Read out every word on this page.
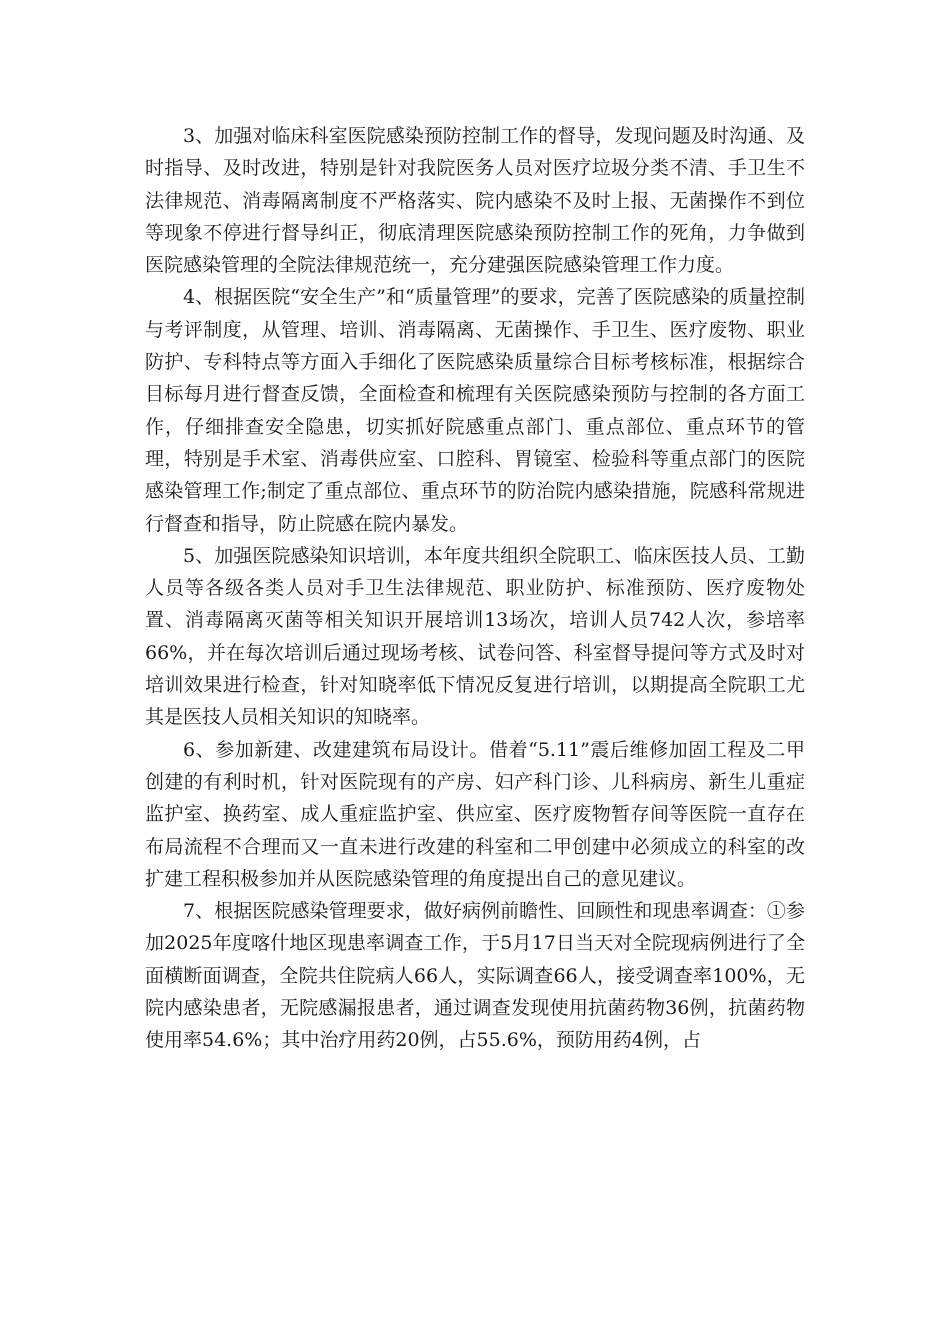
3、加强对临床科室医院感染预防控制工作的督导，发现问题及时沟通、及时指导、及时改进，特别是针对我院医务人员对医疗垃圾分类不清、手卫生不法律规范、消毒隔离制度不严格落实、院内感染不及时上报、无菌操作不到位等现象不停进行督导纠正，彻底清理医院感染预防控制工作的死角，力争做到医院感染管理的全院法律规范统一，充分建强医院感染管理工作力度。

4、根据医院“安全生产”和“质量管理”的要求，完善了医院感染的质量控制与考评制度，从管理、培训、消毒隔离、无菌操作、手卫生、医疗废物、职业防护、专科特点等方面入手细化了医院感染质量综合目标考核标准，根据综合目标每月进行督查反馈，全面检查和梳理有关医院感染预防与控制的各方面工作，仔细排查安全隐患，切实抓好院感重点部门、重点部位、重点环节的管理，特别是手术室、消毒供应室、口腔科、胃镜室、检验科等重点部门的医院感染管理工作;制定了重点部位、重点环节的防治院内感染措施，院感科常规进行督查和指导，防止院感在院内暴发。

5、加强医院感染知识培训，本年度共组织全院职工、临床医技人员、工勤人员等各级各类人员对手卫生法律规范、职业防护、标准预防、医疗废物处置、消毒隔离灭菌等相关知识开展培训13场次，培训人员742人次，参培率66%，并在每次培训后通过现场考核、试卷问答、科室督导提问等方式及时对培训效果进行检查，针对知晓率低下情况反复进行培训，以期提高全院职工尤其是医技人员相关知识的知晓率。

6、参加新建、改建建筑布局设计。借着“5.11”震后维修加固工程及二甲创建的有利时机，针对医院现有的产房、妇产科门诊、儿科病房、新生儿重症监护室、换药室、成人重症监护室、供应室、医疗废物暂存间等医院一直存在布局流程不合理而又一直未进行改建的科室和二甲创建中必须成立的科室的改扩建工程积极参加并从医院感染管理的角度提出自己的意见建议。

7、根据医院感染管理要求，做好病例前瞻性、回顾性和现患率调查：①参加2025年度喀什地区现患率调查工作，于5月17日当天对全院现病例进行了全面横断面调查，全院共住院病人66人，实际调查66人，接受调查率100%，无院内感染患者，无院感漏报患者，通过调查发现使用抗菌药物36例，抗菌药物使用率54.6%；其中治疗用药20例，占55.6%，预防用药4例，占
